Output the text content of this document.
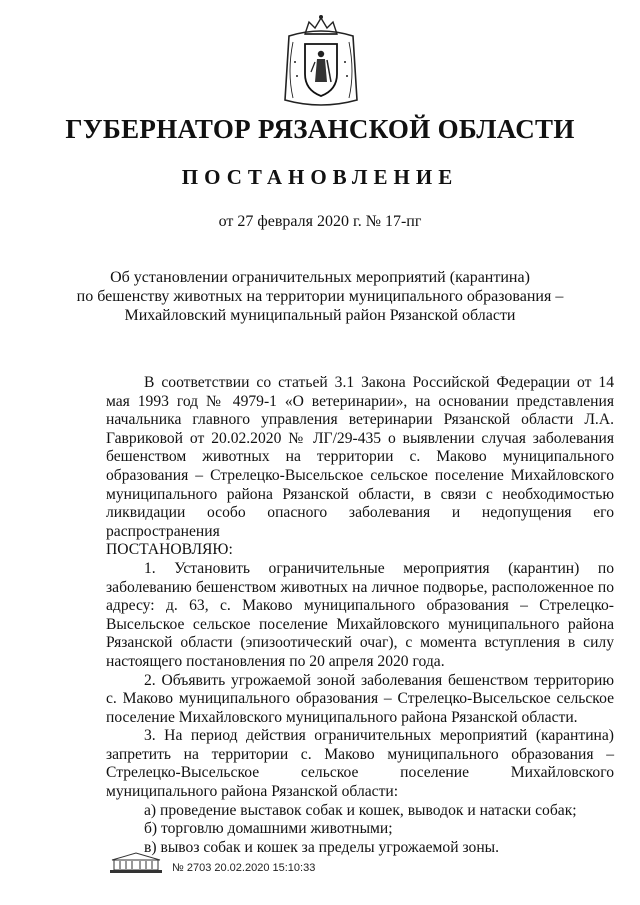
ГУБЕРНАТОР РЯЗАНСКОЙ ОБЛАСТИ
ПОСТАНОВЛЕНИЕ
от 27 февраля 2020 г. № 17-пг
Об установлении ограничительных мероприятий (карантина)
по бешенству животных на территории муниципального образования –
Михайловский муниципальный район Рязанской области

В соответствии со статьей 3.1 Закона Российской Федерации от 14 мая 1993 год № 4979-1 «О ветеринарии», на основании представления начальника главного управления ветеринарии Рязанской области Л.А. Гавриковой от 20.02.2020 № ЛГ/29-435 о выявлении случая заболевания бешенством животных на территории с. Маково муниципального образования – Стрелецко-Высельское сельское поселение Михайловского муниципального района Рязанской области, в связи с необходимостью ликвидации особо опасного заболевания и недопущения его распространения

ПОСТАНОВЛЯЮ:

1. Установить ограничительные мероприятия (карантин) по заболеванию бешенством животных на личное подворье, расположенное по адресу: д. 63, с. Маково муниципального образования – Стрелецко-Высельское сельское поселение Михайловского муниципального района Рязанской области (эпизоотический очаг), с момента вступления в силу настоящего постановления по 20 апреля 2020 года.

2. Объявить угрожаемой зоной заболевания бешенством территорию с. Маково муниципального образования – Стрелецко-Высельское сельское поселение Михайловского муниципального района Рязанской области.

3. На период действия ограничительных мероприятий (карантина) запретить на территории с. Маково муниципального образования – Стрелецко-Высельское сельское поселение Михайловского муниципального района Рязанской области:

а) проведение выставок собак и кошек, выводок и натаски собак;

б) торговлю домашними животными;

в) вывоз собак и кошек за пределы угрожаемой зоны.

№ 2703 20.02.2020 15:10:33
